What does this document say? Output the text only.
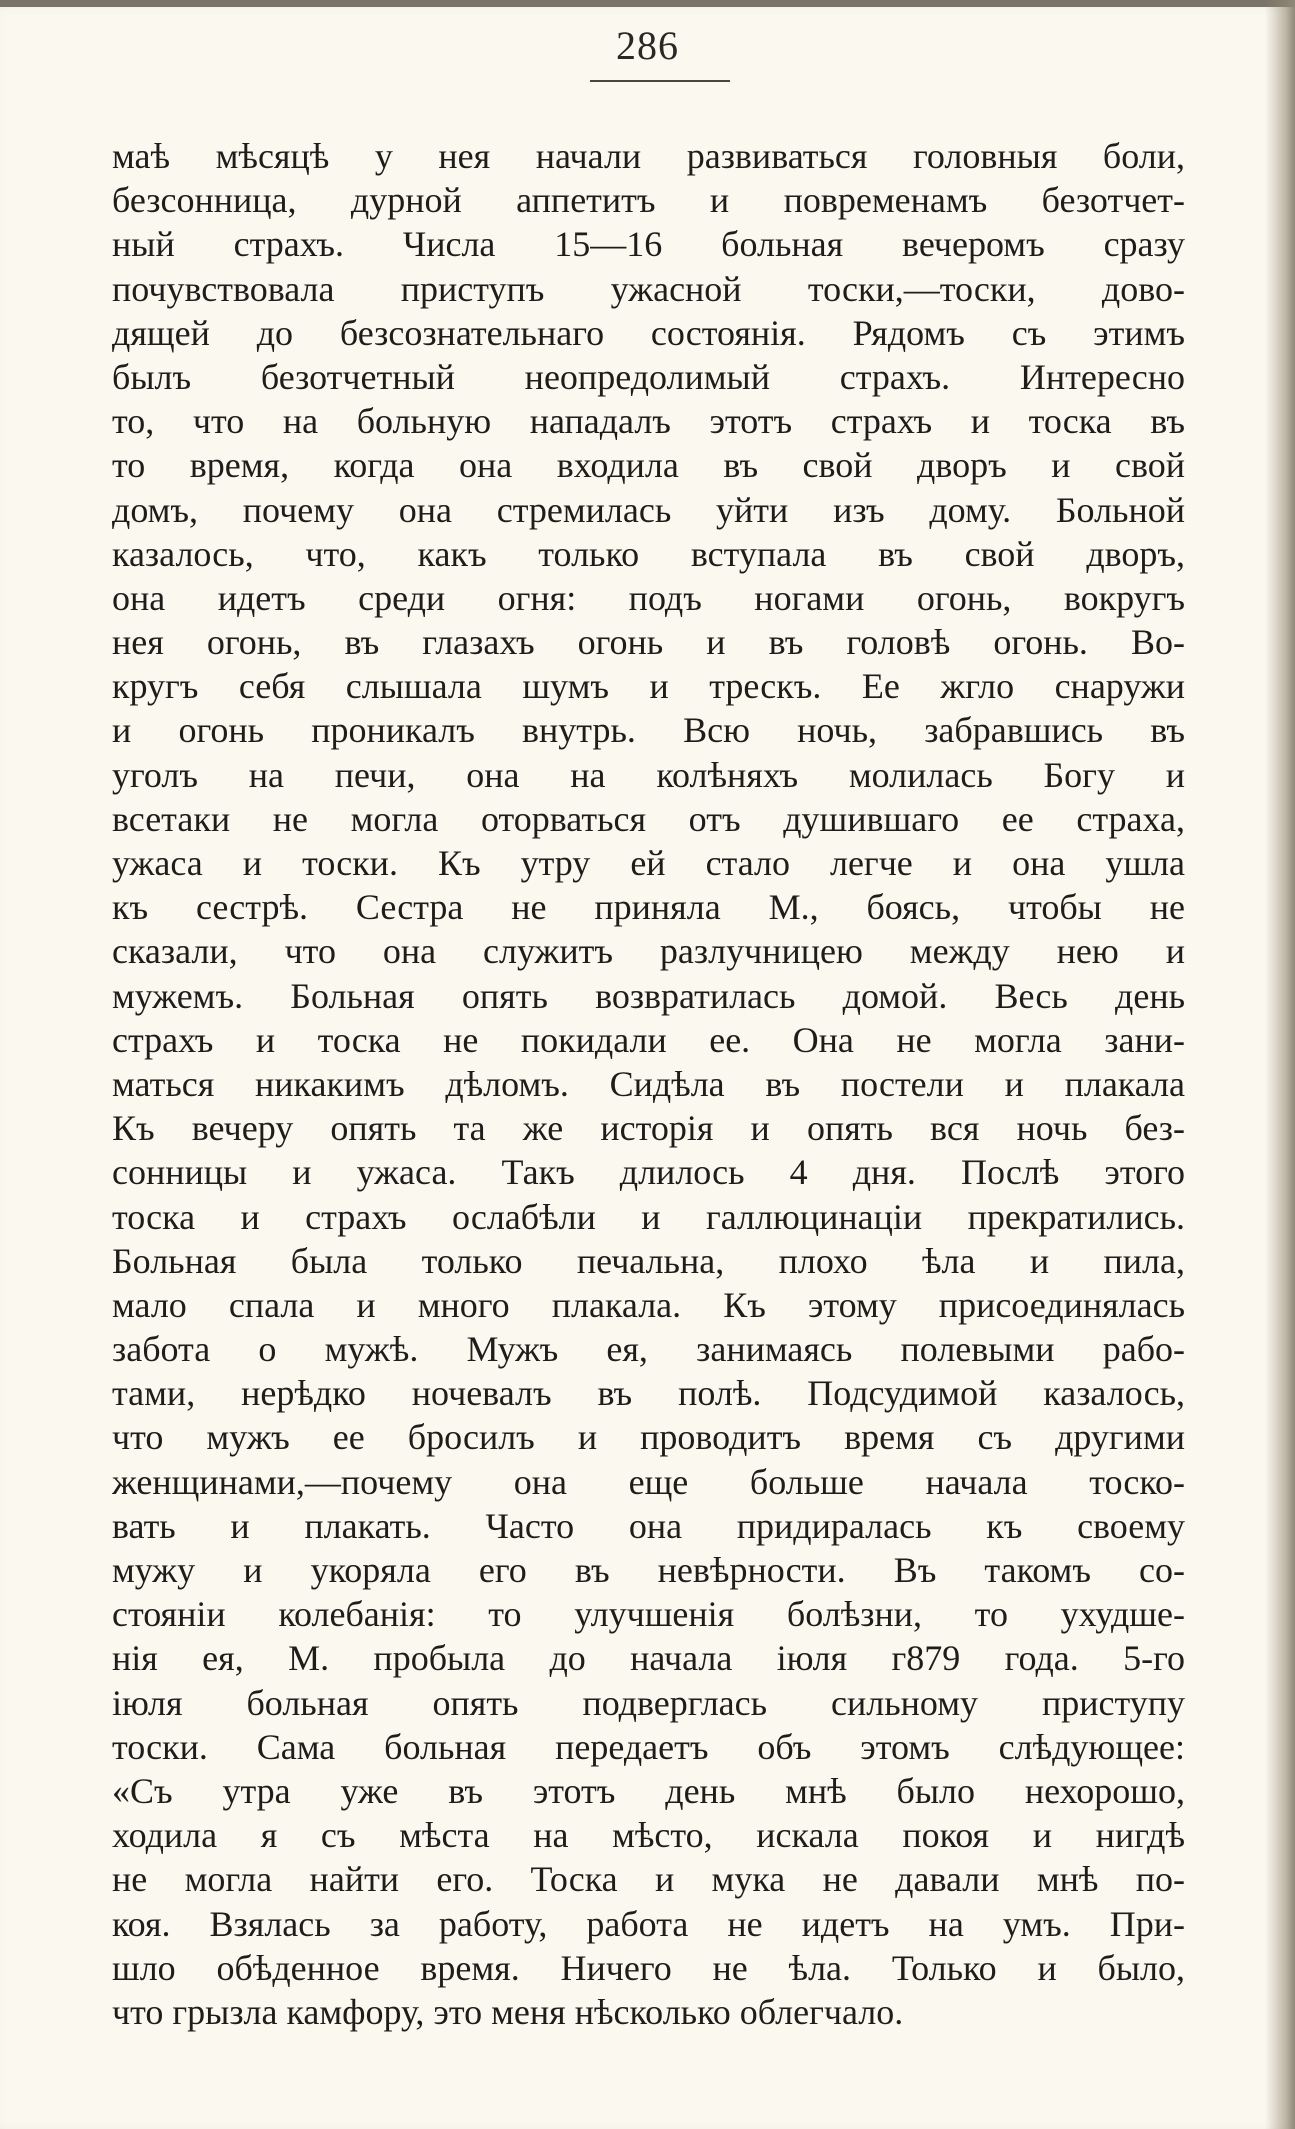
286
маѣ мѣсяцѣ у нея начали развиваться головныя боли,
безсонница, дурной аппетитъ и повременамъ безотчет-
ный страхъ. Числа 15—16 больная вечеромъ сразу
почувствовала приступъ ужасной тоски,—тоски, дово-
дящей до безсознательнаго состоянія. Рядомъ съ этимъ
былъ безотчетный неопредолимый страхъ. Интересно
то, что на больную нападалъ этотъ страхъ и тоска въ
то время, когда она входила въ свой дворъ и свой
домъ, почему она стремилась уйти изъ дому. Больной
казалось, что, какъ только вступала въ свой дворъ,
она идетъ среди огня: подъ ногами огонь, вокругъ
нея огонь, въ глазахъ огонь и въ головѣ огонь. Во-
кругъ себя слышала шумъ и трескъ. Ее жгло снаружи
и огонь проникалъ внутрь. Всю ночь, забравшись въ
уголъ на печи, она на колѣняхъ молилась Богу и
всетаки не могла оторваться отъ душившаго ее страха,
ужаса и тоски. Къ утру ей стало легче и она ушла
къ сестрѣ. Сестра не приняла М., боясь, чтобы не
сказали, что она служитъ разлучницею между нею и
мужемъ. Больная опять возвратилась домой. Весь день
страхъ и тоска не покидали ее. Она не могла зани-
маться никакимъ дѣломъ. Сидѣла въ постели и плакала
Къ вечеру опять та же исторія и опять вся ночь без-
сонницы и ужаса. Такъ длилось 4 дня. Послѣ этого
тоска и страхъ ослабѣли и галлюцинаціи прекратились.
Больная была только печальна, плохо ѣла и пила,
мало спала и много плакала. Къ этому присоединялась
забота о мужѣ. Мужъ ея, занимаясь полевыми рабо-
тами, нерѣдко ночевалъ въ полѣ. Подсудимой казалось,
что мужъ ее бросилъ и проводитъ время съ другими
женщинами,—почему она еще больше начала тоско-
вать и плакать. Часто она придиралась къ своему
мужу и укоряла его въ невѣрности. Въ такомъ со-
стояніи колебанія: то улучшенія болѣзни, то ухудше-
нія ея, М. пробыла до начала іюля г879 года. 5-го
іюля больная опять подверглась сильному приступу
тоски. Сама больная передаетъ объ этомъ слѣдующее:
«Съ утра уже въ этотъ день мнѣ было нехорошо,
ходила я съ мѣста на мѣсто, искала покоя и нигдѣ
не могла найти его. Тоска и мука не давали мнѣ по-
коя. Взялась за работу, работа не идетъ на умъ. При-
шло обѣденное время. Ничего не ѣла. Только и было,
что грызла камфору, это меня нѣсколько облегчало.
